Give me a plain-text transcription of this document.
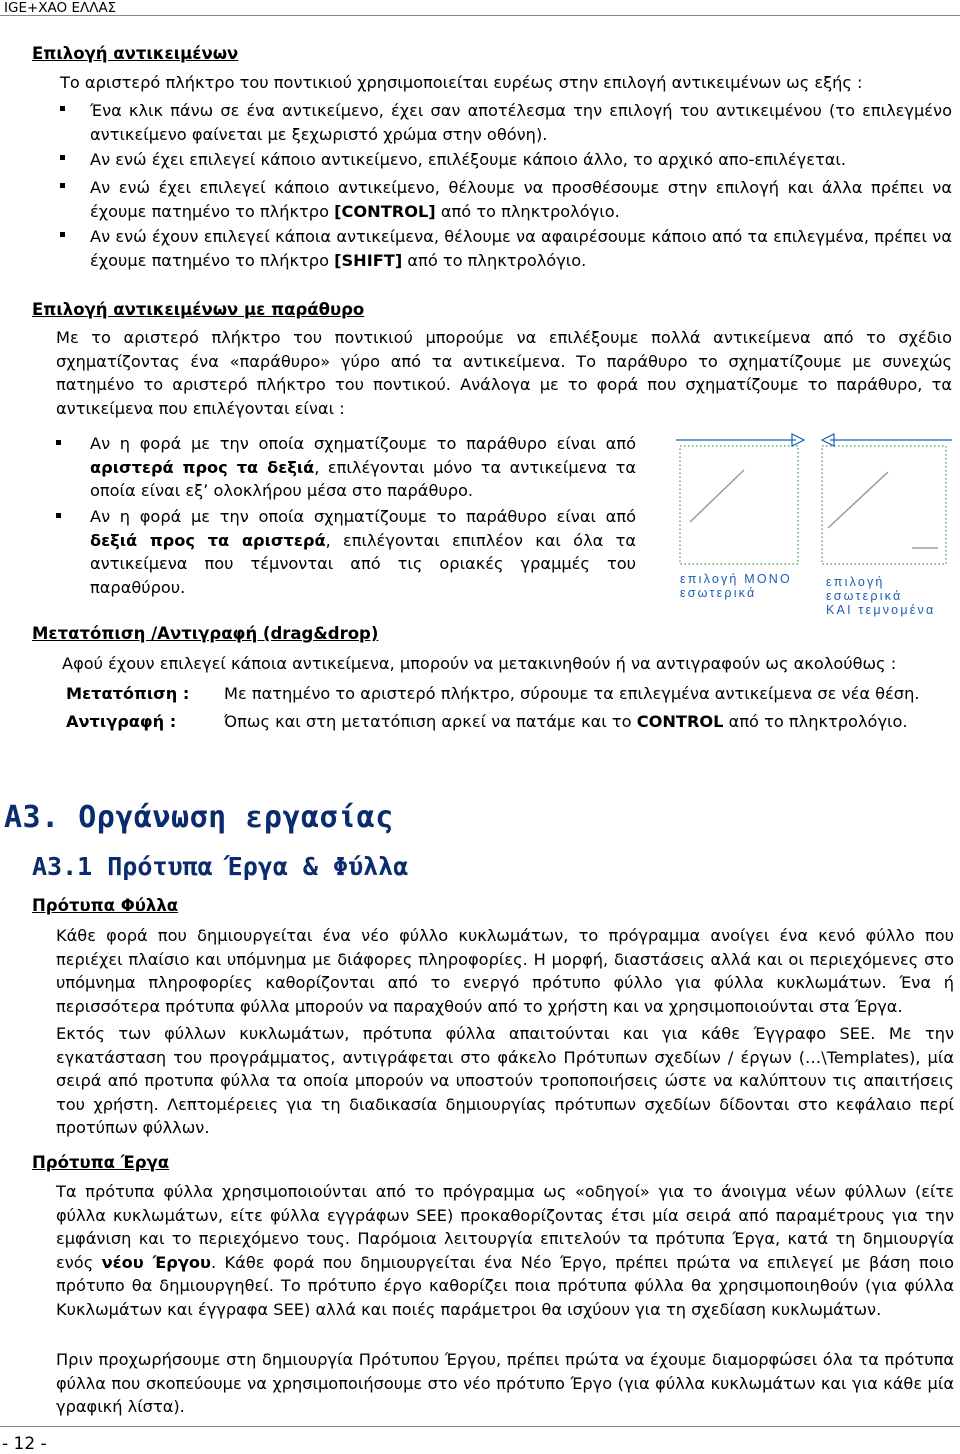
IGE+XAO ΕΛΛΑΣ
Επιλογή αντικειμένων
Το αριστερό πλήκτρο του ποντικιού χρησιμοποιείται ευρέως στην επιλογή αντικειμένων ως εξής :
Ένα κλικ πάνω σε ένα αντικείμενο, έχει σαν αποτέλεσμα την επιλογή του αντικειμένου (το επιλεγμένο αντικείμενο φαίνεται με ξεχωριστό χρώμα στην οθόνη).
Αν ενώ έχει επιλεγεί κάποιο αντικείμενο, επιλέξουμε κάποιο άλλο, το αρχικό απο-επιλέγεται.
Αν ενώ έχει επιλεγεί κάποιο αντικείμενο, θέλουμε να προσθέσουμε στην επιλογή και άλλα πρέπει να έχουμε πατημένο το πλήκτρο [CONTROL] από το πληκτρολόγιο.
Αν ενώ έχουν επιλεγεί κάποια αντικείμενα, θέλουμε να αφαιρέσουμε κάποιο από τα επιλεγμένα, πρέπει να έχουμε πατημένο το πλήκτρο [SHIFT] από το πληκτρολόγιο.
Επιλογή αντικειμένων με παράθυρο
Με το αριστερό πλήκτρο του ποντικιού μπορούμε να επιλέξουμε πολλά αντικείμενα από το σχέδιο σχηματίζοντας ένα «παράθυρο» γύρο από τα αντικείμενα. Το παράθυρο το σχηματίζουμε με συνεχώς πατημένο το αριστερό πλήκτρο του ποντικού. Ανάλογα με το φορά που σχηματίζουμε το παράθυρο, τα αντικείμενα που επιλέγονται είναι :
Αν η φορά με την οποία σχηματίζουμε το παράθυρο είναι από αριστερά προς τα δεξιά, επιλέγονται μόνο τα αντικείμενα τα οποία είναι εξ’ ολοκλήρου μέσα στο παράθυρο.
Αν η φορά με την οποία σχηματίζουμε το παράθυρο είναι από δεξιά προς τα αριστερά, επιλέγονται επιπλέον και όλα τα αντικείμενα που τέμνονται από τις οριακές γραμμές του παραθύρου.	επιλογή ΜΟΝΟ
εσωτερικά
επιλογή εσωτερικά
ΚΑΙ τεμνομένα
Μετατόπιση /Αντιγραφή (drag&drop)
Αφού έχουν επιλεγεί κάποια αντικείμενα, μπορούν να μετακινηθούν ή να αντιγραφούν ως ακολούθως :
Μετατόπιση : Με πατημένο το αριστερό πλήκτρο, σύρουμε τα επιλεγμένα αντικείμενα σε νέα θέση.
Αντιγραφή :	Όπως και στη μετατόπιση αρκεί να πατάμε και το CONTROL από το πληκτρολόγιο.
A3. Οργάνωση εργασίας
A3.1 Πρότυπα Έργα & Φύλλα
Πρότυπα Φύλλα
Κάθε φορά που δημιουργείται ένα νέο φύλλο κυκλωμάτων, το πρόγραμμα ανοίγει ένα κενό φύλλο που περιέχει πλαίσιο και υπόμνημα με διάφορες πληροφορίες. Η μορφή, διαστάσεις αλλά και οι περιεχόμενες στο υπόμνημα πληροφορίες καθορίζονται από το ενεργό πρότυπο φύλλο για φύλλα κυκλωμάτων. Ένα ή περισσότερα πρότυπα φύλλα μπορούν να παραχθούν από το χρήστη και να χρησιμοποιούνται στα Έργα.
Εκτός των φύλλων κυκλωμάτων, πρότυπα φύλλα απαιτούνται και για κάθε Έγγραφο SEE. Με την εγκατάσταση του προγράμματος, αντιγράφεται στο φάκελο Πρότυπων σχεδίων / έργων (…\Templates), μία σειρά από προτυπα φύλλα τα οποία μπορούν να υποστούν τροποποιήσεις ώστε να καλύπτουν τις απαιτήσεις του χρήστη. Λεπτομέρειες για τη διαδικασία δημιουργίας πρότυπων σχεδίων δίδονται στο κεφάλαιο περί προτύπων φύλλων.
Πρότυπα Έργα
Τα πρότυπα φύλλα χρησιμοποιούνται από το πρόγραμμα ως «οδηγοί» για το άνοιγμα νέων φύλλων (είτε φύλλα κυκλωμάτων, είτε φύλλα εγγράφων SEE) προκαθορίζοντας έτσι μία σειρά από παραμέτρους για την εμφάνιση και το περιεχόμενο τους. Παρόμοια λειτουργία επιτελούν τα πρότυπα Έργα, κατά τη δημιουργία ενός νέου Έργου. Κάθε φορά που δημιουργείται ένα Νέο Έργο, πρέπει πρώτα να επιλεγεί με βάση ποιο πρότυπο θα δημιουργηθεί. Το πρότυπο έργο καθορίζει ποια πρότυπα φύλλα θα χρησιμοποιηθούν (για φύλλα Κυκλωμάτων και έγγραφα SEE) αλλά και ποιές παράμετροι θα ισχύουν για τη σχεδίαση κυκλωμάτων.
Πριν προχωρήσουμε στη δημιουργία Πρότυπου Έργου, πρέπει πρώτα να έχουμε διαμορφώσει όλα τα πρότυπα φύλλα που σκοπεύουμε να χρησιμοποιήσουμε στο νέο πρότυπο Έργο (για φύλλα κυκλωμάτων και για κάθε μία γραφική λίστα).
- 12 -
